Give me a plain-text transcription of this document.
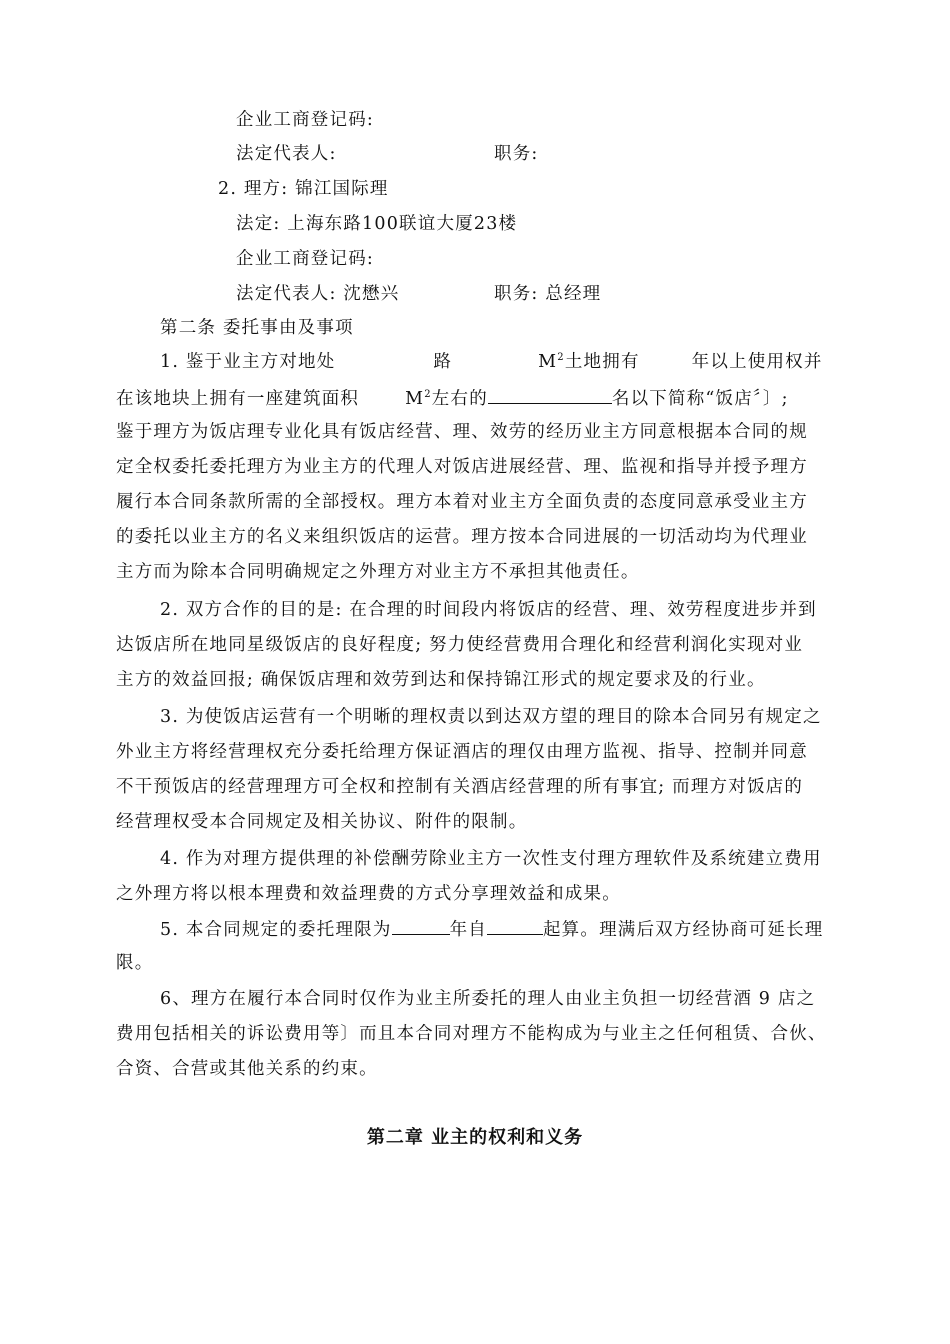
企业工商登记码:
法定代表人:	职务:
2. 理方: 锦江国际理
法定: 上海东路100联谊大厦23楼
企业工商登记码:
法定代表人: 沈懋兴	职务: 总经理
第二条 委托事由及事项
1. 鉴于业主方对地处	路	$M^2$土地拥有	年以上使用权并
在该地块上拥有一座建筑面积	$M^2$左右的	名以下简称“饭店〞〕;
鉴于理方为饭店理专业化具有饭店经营、理、效劳的经历业主方同意根据本合同的规
定全权委托委托理方为业主方的代理人对饭店进展经营、理、监视和指导并授予理方
履行本合同条款所需的全部授权。理方本着对业主方全面负责的态度同意承受业主方
的委托以业主方的名义来组织饭店的运营。理方按本合同进展的一切活动均为代理业
主方而为除本合同明确规定之外理方对业主方不承担其他责任。
2. 双方合作的目的是: 在合理的时间段内将饭店的经营、理、效劳程度进步并到
达饭店所在地同星级饭店的良好程度; 努力使经营费用合理化和经营利润化实现对业
主方的效益回报; 确保饭店理和效劳到达和保持锦江形式的规定要求及的行业。
3. 为使饭店运营有一个明晰的理权责以到达双方望的理目的除本合同另有规定之
外业主方将经营理权充分委托给理方保证酒店的理仅由理方监视、指导、控制并同意
不干预饭店的经营理理方可全权和控制有关酒店经营理的所有事宜; 而理方对饭店的
经营理权受本合同规定及相关协议、附件的限制。
4. 作为对理方提供理的补偿酬劳除业主方一次性支付理方理软件及系统建立费用
之外理方将以根本理费和效益理费的方式分享理效益和成果。
5. 本合同规定的委托理限为	年自	起算。理满后双方经协商可延长理
限。
6、理方在履行本合同时仅作为业主所委托的理人由业主负担一切经营酒 9 店之
费用包括相关的诉讼费用等〕而且本合同对理方不能构成为与业主之任何租赁、合伙、
合资、合营或其他关系的约束。
第二章 业主的权利和义务
